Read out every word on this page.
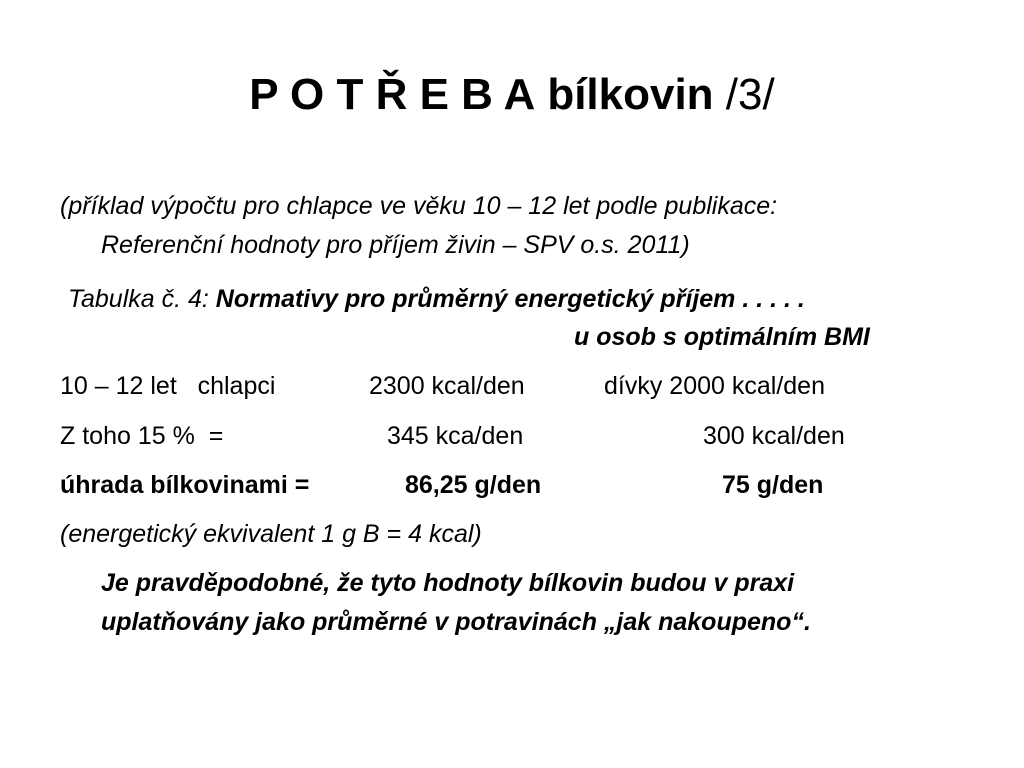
P O T Ř E B A bílkovin /3/
(příklad výpočtu pro chlapce ve věku 10 – 12 let podle publikace:
Referenční hodnoty pro příjem živin – SPV o.s. 2011)
Tabulka č. 4: Normativy pro průměrný energetický příjem . . . . .
u osob s optimálním BMI
10 – 12 let   chlapci	2300 kcal/den	dívky 2000 kcal/den
Z toho 15 %  =	345 kca/den	300 kcal/den
úhrada bílkovinami =	86,25 g/den	75 g/den
(energetický ekvivalent 1 g B = 4 kcal)
Je pravděpodobné, že tyto hodnoty bílkovin budou v praxi
uplatňovány jako průměrné v potravinách „jak nakoupeno“.
